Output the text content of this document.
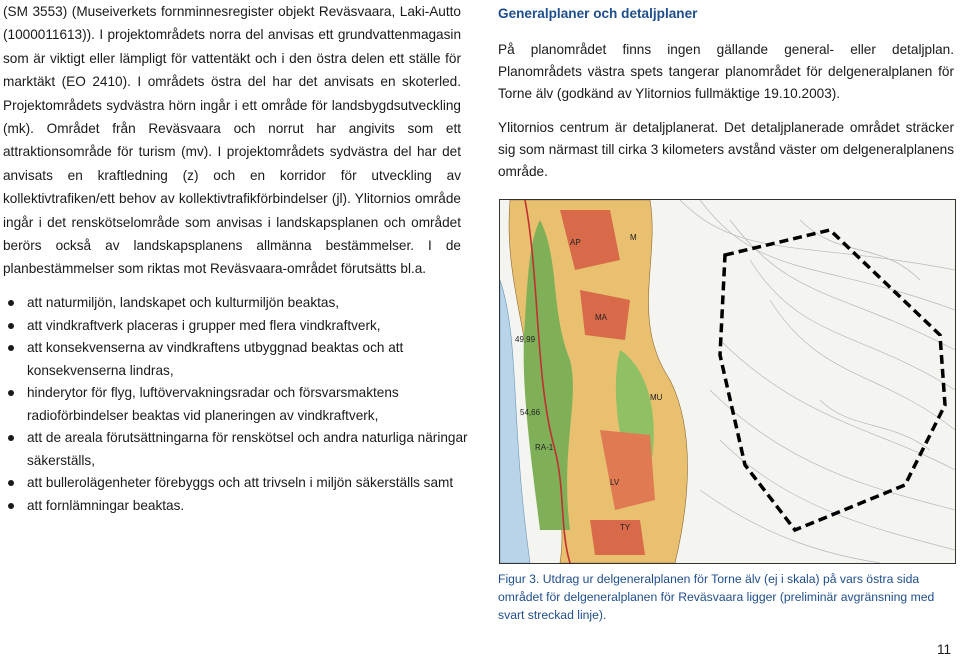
(SM 3553) (Museiverkets fornminnesregister objekt Reväsvaara, Laki-Autto (1000011613)). I projektområdets norra del anvisas ett grundvattenmagasin som är viktigt eller lämpligt för vattentäkt och i den östra delen ett ställe för marktäkt (EO 2410). I områdets östra del har det anvisats en skoterled. Projektområdets sydvästra hörn ingår i ett område för landsbygdsutveckling (mk). Området från Reväsvaara och norrut har angivits som ett attraktionsområde för turism (mv). I projektområdets sydvästra del har det anvisats en kraftledning (z) och en korridor för utveckling av kollektivtrafiken/ett behov av kollektivtrafikförbindelser (jl). Ylitornios område ingår i det renskötselområde som anvisas i landskapsplanen och området berörs också av landskapsplanens allmänna bestämmelser. I de planbestämmelser som riktas mot Reväsvaara-området förutsätts bl.a.

att naturmiljön, landskapet och kulturmiljön beaktas,
att vindkraftverk placeras i grupper med flera vindkraftverk,
att konsekvenserna av vindkraftens utbyggnad beaktas och att konsekvenserna lindras,
hinderytor för flyg, luftövervakningsradar och försvarsmaktens radioförbindelser beaktas vid planeringen av vindkraftverk,
att de areala förutsättningarna för renskötsel och andra naturliga näringar säkerställs,
att bullerolägenheter förebyggs och att trivseln i miljön säkerställs samt
att fornlämningar beaktas.
Generalplaner och detaljplaner

På planområdet finns ingen gällande general- eller detaljplan. Planområdets västra spets tangerar planområdet för delgeneralplanen för Torne älv (godkänd av Ylitornios fullmäktige 19.10.2003).

Ylitornios centrum är detaljplanerat. Det detaljplanerade området sträcker sig som närmast till cirka 3 kilometers avstånd väster om delgeneralplanens område.

AP
M
MA
MU
RA-1
LV
TY
49,99
54,66
Figur 3. Utdrag ur delgeneralplanen för Torne älv (ej i skala) på vars östra sida området för delgeneralplanen för Reväsvaara ligger (preliminär avgränsning med svart streckad linje).
11
